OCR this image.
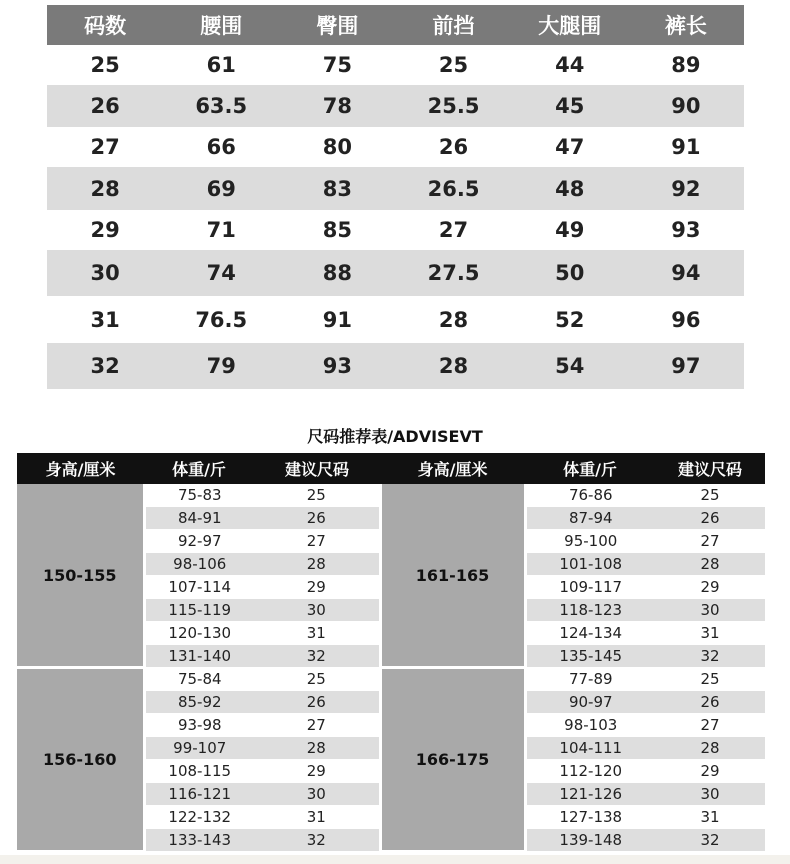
码数	腰围	臀围	前挡	大腿围	裤长
25	61	75	25	44	89
26	63.5	78	25.5	45	90
27	66	80	26	47	91
28	69	83	26.5	48	92
29	71	85	27	49	93
30	74	88	27.5	50	94
31	76.5	91	28	52	96
32	79	93	28	54	97
尺码推荐表/ADVISEVT
身高/厘米	体重/斤	建议尺码	身高/厘米	体重/斤	建议尺码
150-155	75-83	25	161-165	76-86	25
	84-91	26		87-94	26
	92-97	27		95-100	27
	98-106	28		101-108	28
	107-114	29		109-117	29
	115-119	30		118-123	30
	120-130	31		124-134	31
	131-140	32		135-145	32
156-160	75-84	25	166-175	77-89	25
	85-92	26		90-97	26
	93-98	27		98-103	27
	99-107	28		104-111	28
	108-115	29		112-120	29
	116-121	30		121-126	30
	122-132	31		127-138	31
	133-143	32		139-148	32
